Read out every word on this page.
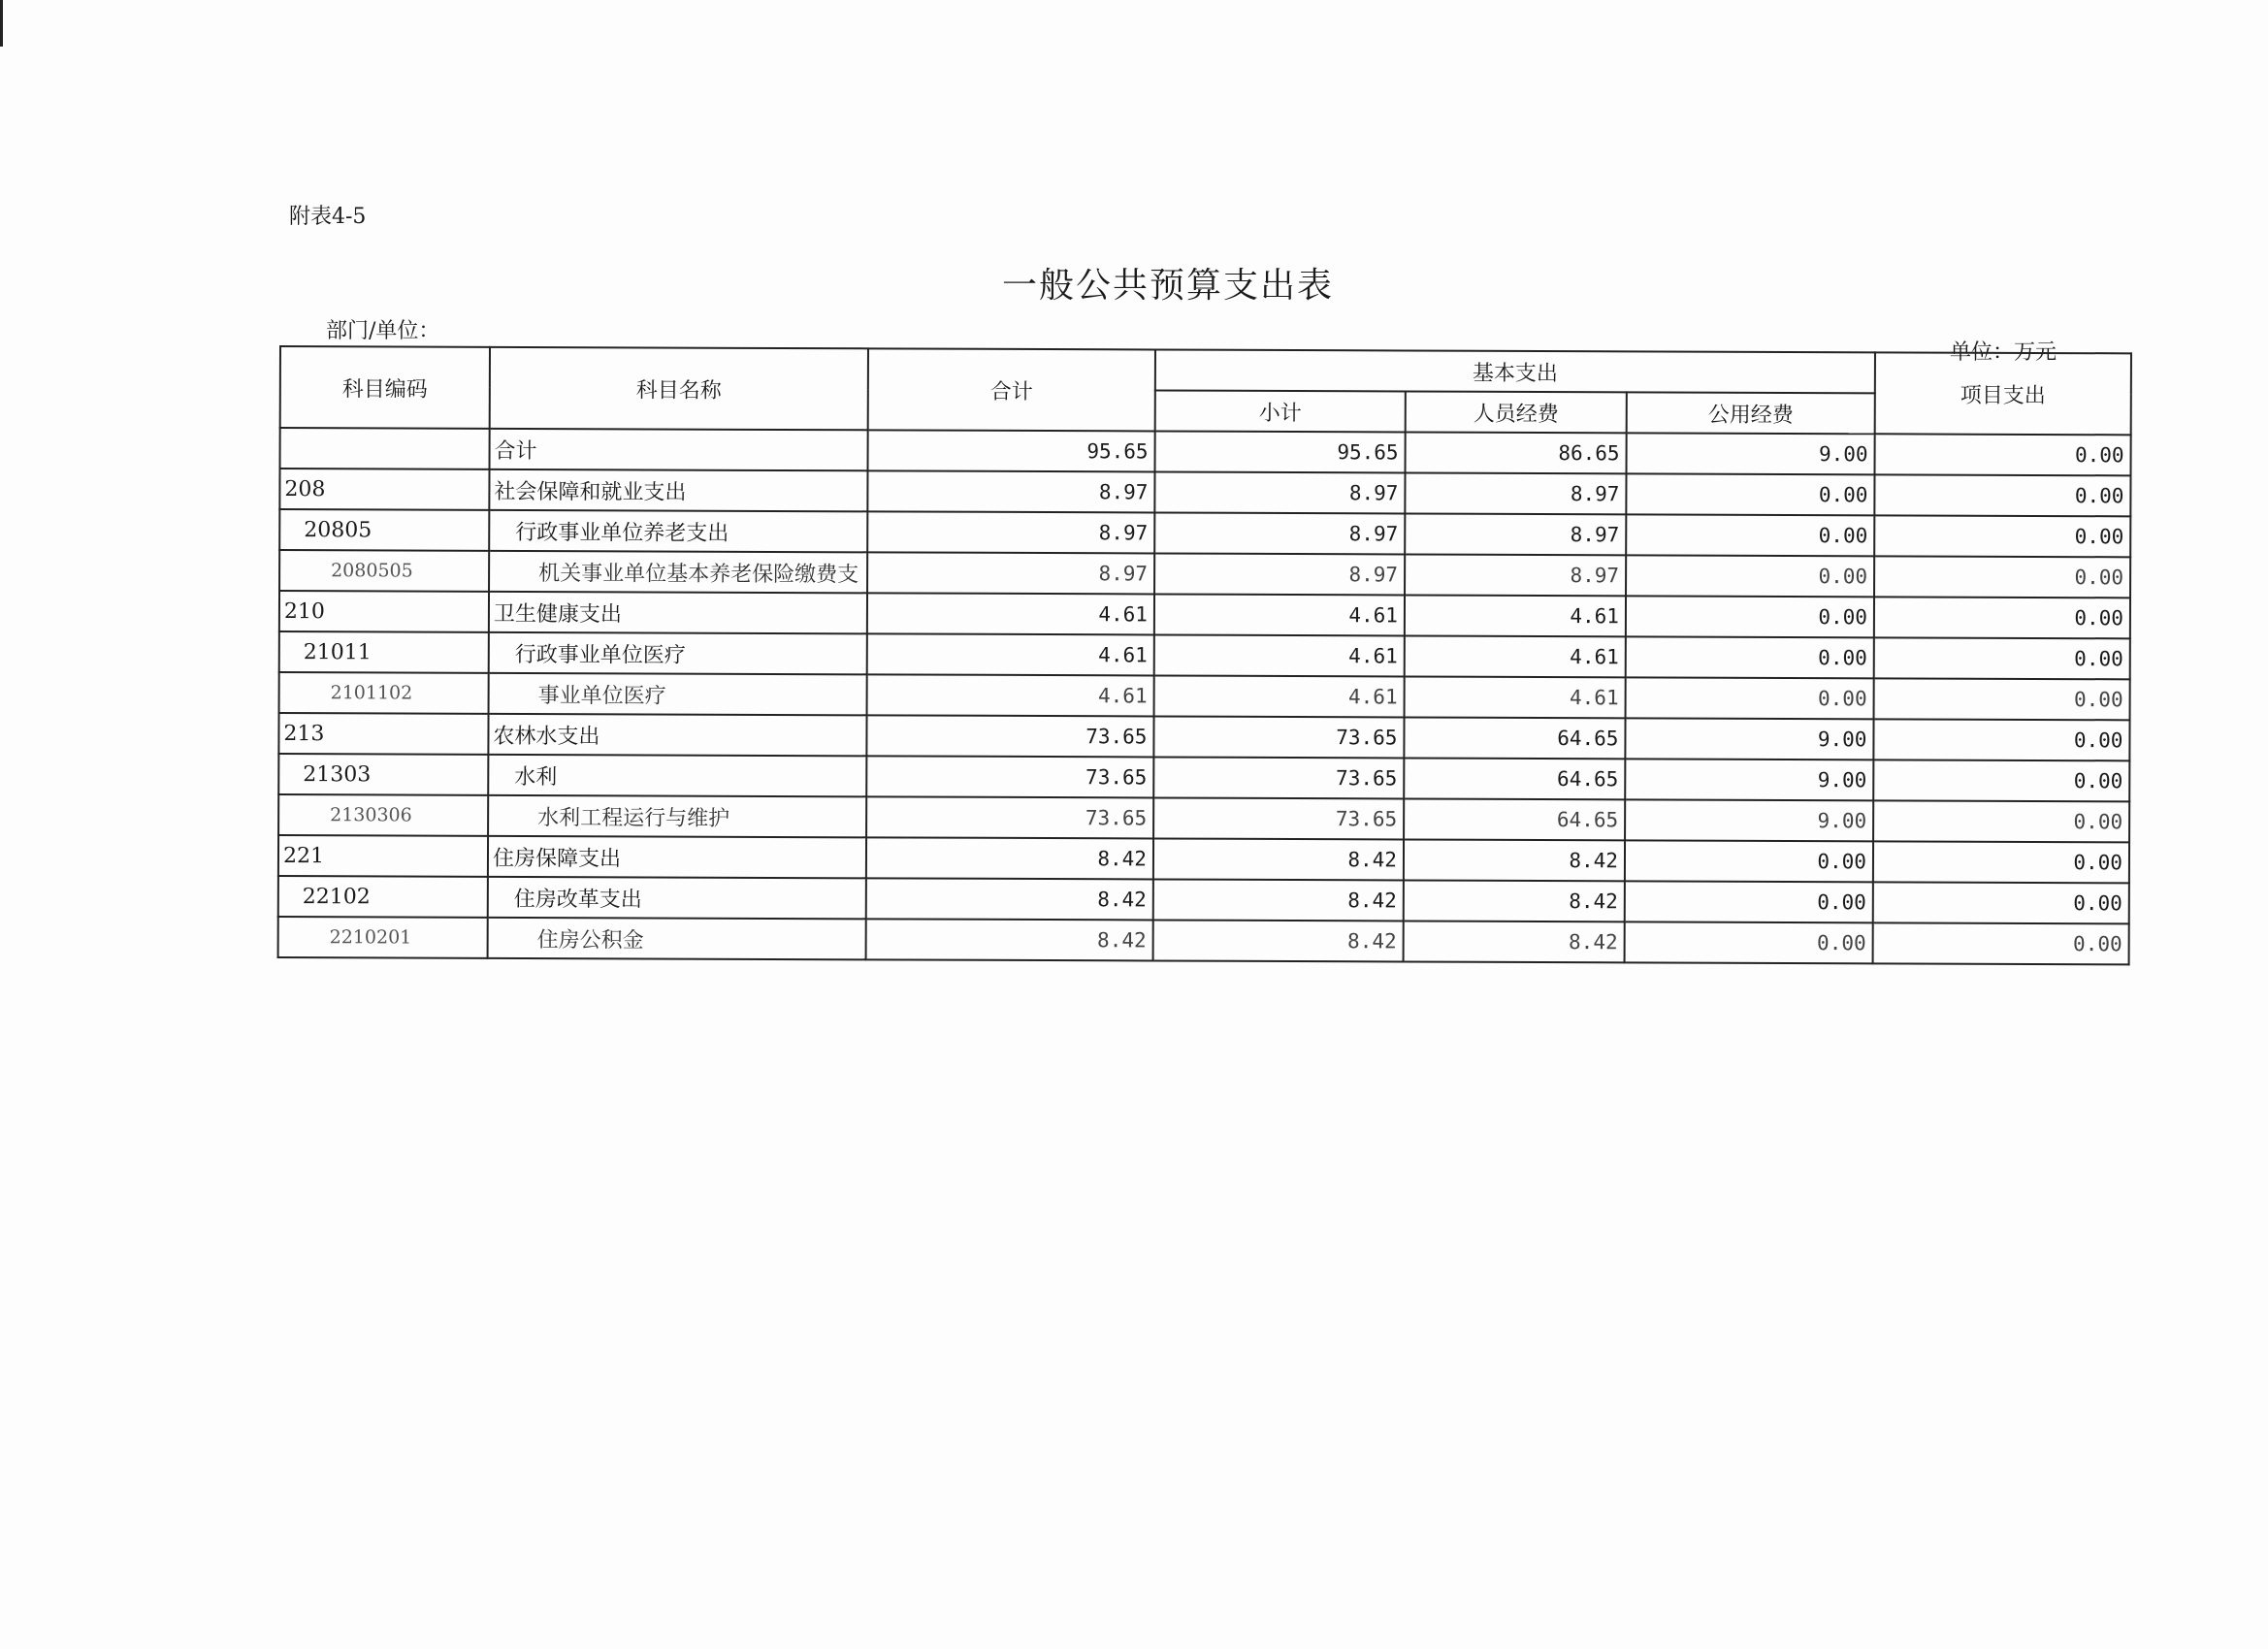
附表4-5
一般公共预算支出表
部门/单位：
单位：万元
科目编码	科目名称	合计	基本支出			项目支出
			小计	人员经费	公用经费	
	合计	95.65	95.65	86.65	9.00	0.00
208	社会保障和就业支出	8.97	8.97	8.97	0.00	0.00
20805	行政事业单位养老支出	8.97	8.97	8.97	0.00	0.00
2080505	机关事业单位基本养老保险缴费支	8.97	8.97	8.97	0.00	0.00
210	卫生健康支出	4.61	4.61	4.61	0.00	0.00
21011	行政事业单位医疗	4.61	4.61	4.61	0.00	0.00
2101102	事业单位医疗	4.61	4.61	4.61	0.00	0.00
213	农林水支出	73.65	73.65	64.65	9.00	0.00
21303	水利	73.65	73.65	64.65	9.00	0.00
2130306	水利工程运行与维护	73.65	73.65	64.65	9.00	0.00
221	住房保障支出	8.42	8.42	8.42	0.00	0.00
22102	住房改革支出	8.42	8.42	8.42	0.00	0.00
2210201	住房公积金	8.42	8.42	8.42	0.00	0.00
